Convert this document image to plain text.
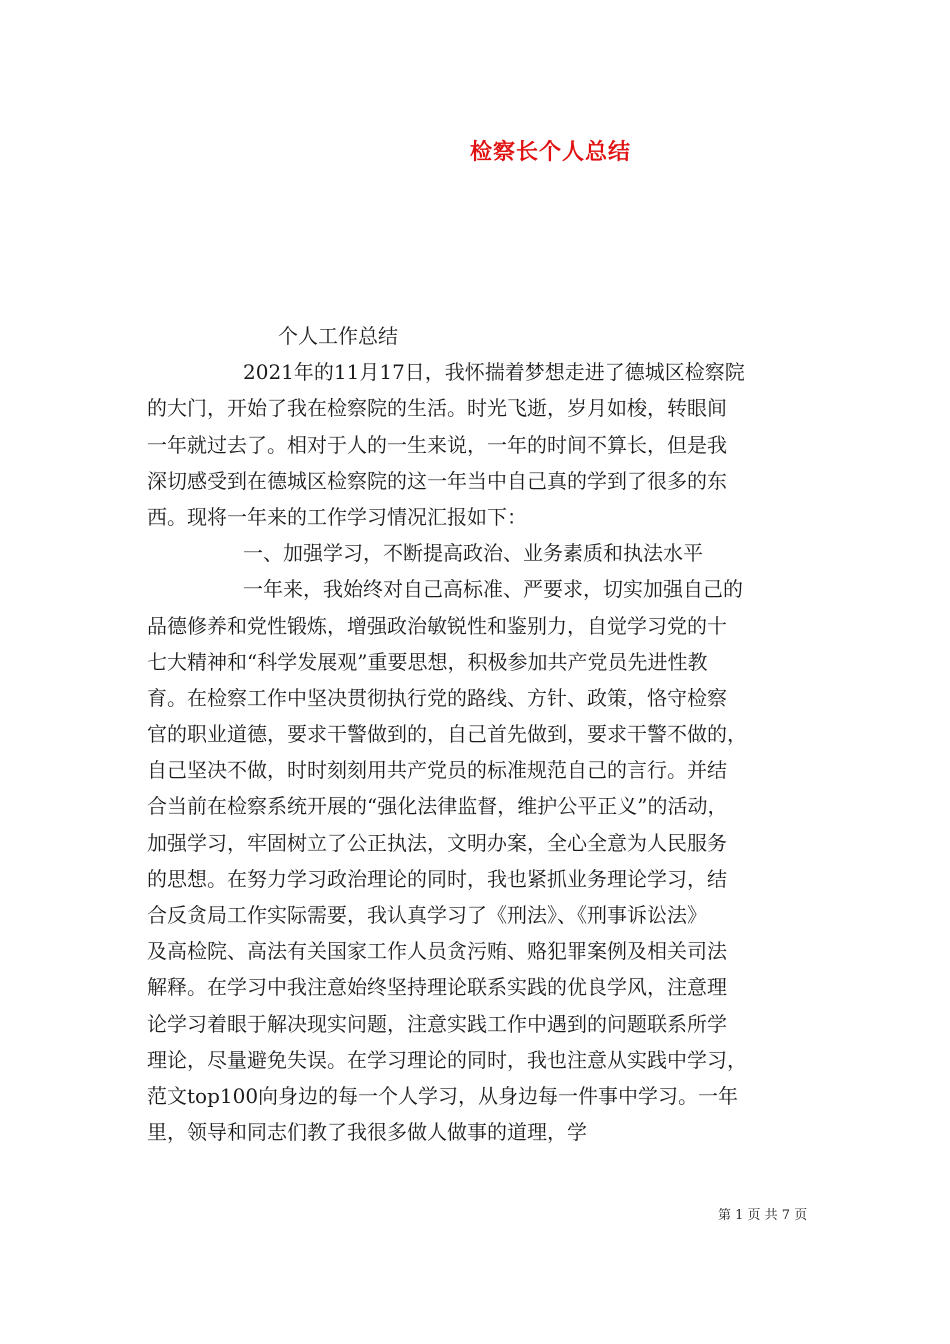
检察长个人总结
个人工作总结
2021年的11月17日，我怀揣着梦想走进了德城区检察院
的大门，开始了我在检察院的生活。时光飞逝，岁月如梭，转眼间
一年就过去了。相对于人的一生来说，一年的时间不算长，但是我
深切感受到在德城区检察院的这一年当中自己真的学到了很多的东
西。现将一年来的工作学习情况汇报如下：
一、加强学习，不断提高政治、业务素质和执法水平
一年来，我始终对自己高标准、严要求，切实加强自己的
品德修养和党性锻炼，增强政治敏锐性和鉴别力，自觉学习党的十
七大精神和“科学发展观”重要思想，积极参加共产党员先进性教
育。在检察工作中坚决贯彻执行党的路线、方针、政策，恪守检察
官的职业道德，要求干警做到的，自己首先做到，要求干警不做的，
自己坚决不做，时时刻刻用共产党员的标准规范自己的言行。并结
合当前在检察系统开展的“强化法律监督，维护公平正义”的活动，
加强学习，牢固树立了公正执法，文明办案，全心全意为人民服务
的思想。在努力学习政治理论的同时，我也紧抓业务理论学习，结
合反贪局工作实际需要，我认真学习了《刑法》、《刑事诉讼法》
及高检院、高法有关国家工作人员贪污贿、赂犯罪案例及相关司法
解释。在学习中我注意始终坚持理论联系实践的优良学风，注意理
论学习着眼于解决现实问题，注意实践工作中遇到的问题联系所学
理论，尽量避免失误。在学习理论的同时，我也注意从实践中学习，
范文top100向身边的每一个人学习，从身边每一件事中学习。一年
里，领导和同志们教了我很多做人做事的道理，学
第 1 页 共 7 页
